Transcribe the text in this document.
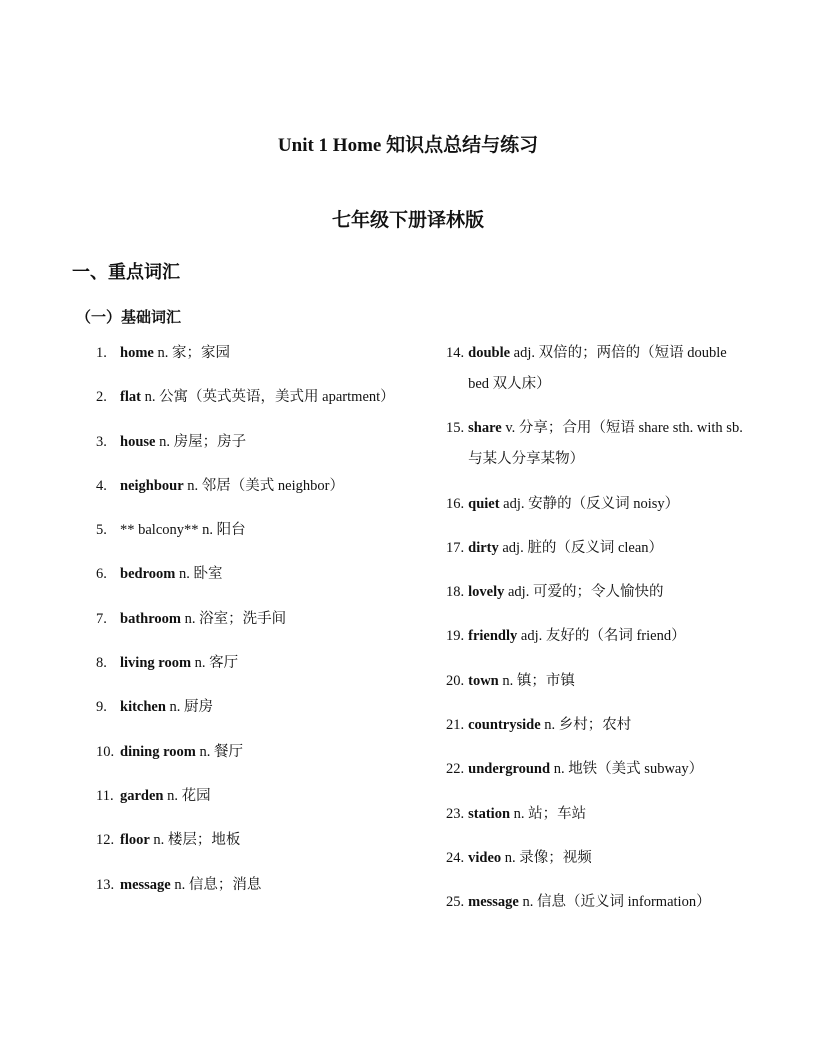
Unit 1 Home 知识点总结与练习
七年级下册译林版
一、重点词汇
（一）基础词汇
1. home n. 家；家园
2. flat n. 公寓（英式英语，美式用 apartment）
3. house n. 房屋；房子
4. neighbour n. 邻居（美式 neighbor）
5. ** balcony** n. 阳台
6. bedroom n. 卧室
7. bathroom n. 浴室；洗手间
8. living room n. 客厅
9. kitchen n. 厨房
10. dining room n. 餐厅
11. garden n. 花园
12. floor n. 楼层；地板
13. message n. 信息；消息
14. double adj. 双倍的；两倍的（短语 double bed 双人床）
15. share v. 分享；合用（短语 share sth. with sb. 与某人分享某物）
16. quiet adj. 安静的（反义词 noisy）
17. dirty adj. 脏的（反义词 clean）
18. lovely adj. 可爱的；令人愉快的
19. friendly adj. 友好的（名词 friend）
20. town n. 镇；市镇
21. countryside n. 乡村；农村
22. underground n. 地铁（美式 subway）
23. station n. 站；车站
24. video n. 录像；视频
25. message n. 信息（近义词 information）
